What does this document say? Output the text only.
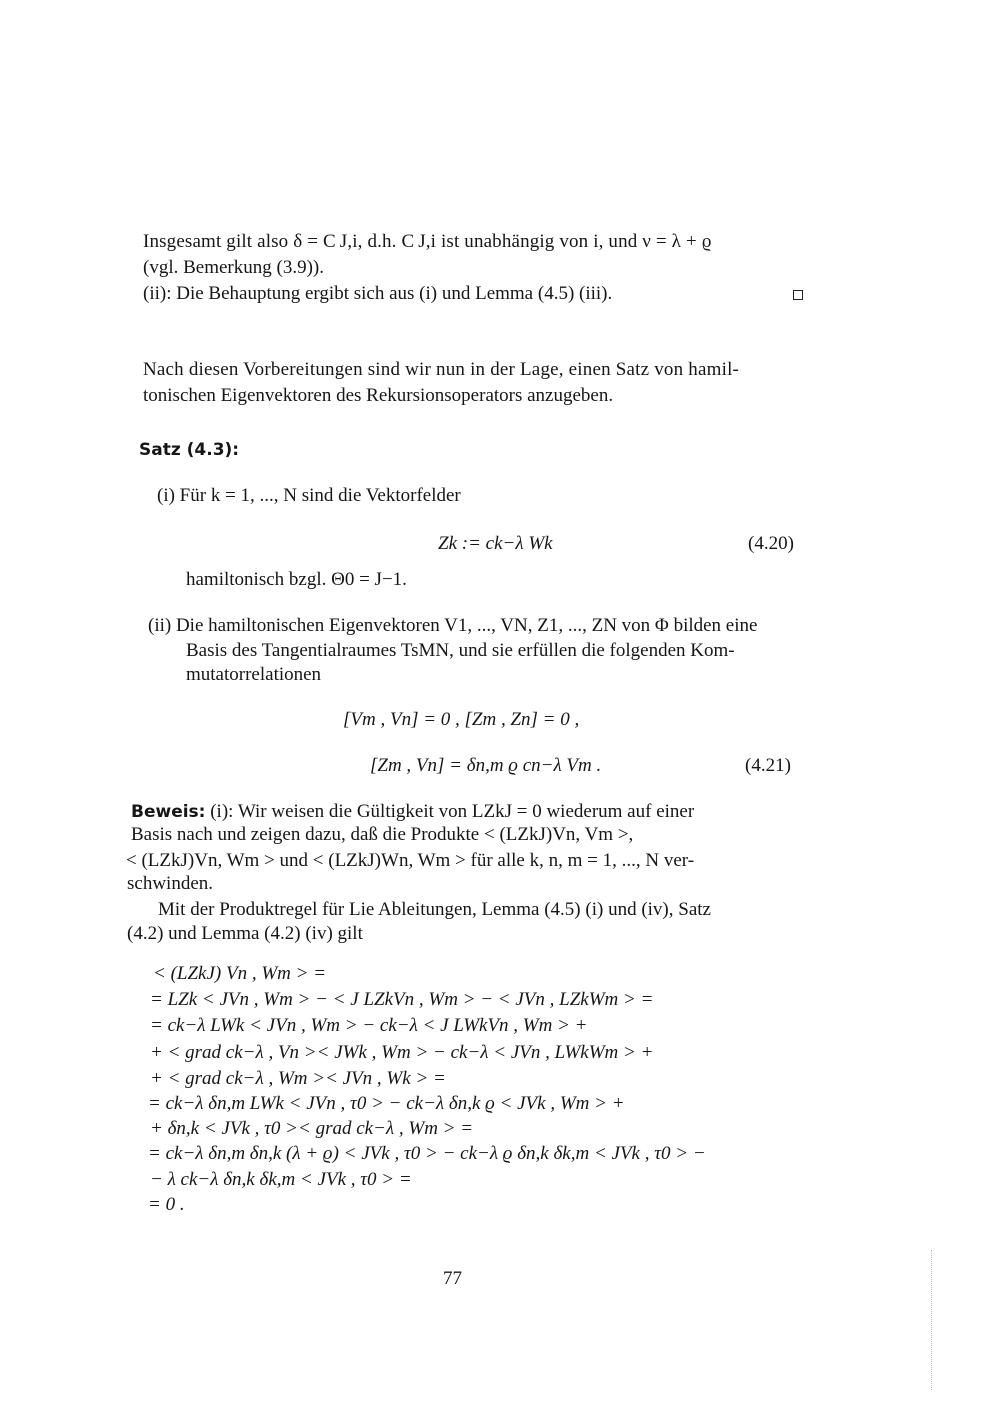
Insgesamt gilt also δ = C J,i, d.h. C J,i ist unabhängig von i, und ν = λ + ϱ
(vgl. Bemerkung (3.9)).
(ii): Die Behauptung ergibt sich aus (i) und Lemma (4.5) (iii).
Nach diesen Vorbereitungen sind wir nun in der Lage, einen Satz von hamil-
tonischen Eigenvektoren des Rekursionsoperators anzugeben.
Satz (4.3):
(i) Für k = 1, ..., N sind die Vektorfelder
Zk := ck−λ Wk	(4.20)
hamiltonisch bzgl. Θ0 = J−1.
(ii) Die hamiltonischen Eigenvektoren V1, ..., VN, Z1, ..., ZN von Φ bilden eine
Basis des Tangentialraumes TsMN, und sie erfüllen die folgenden Kom-
mutatorrelationen
[Vm , Vn] = 0 , [Zm , Zn] = 0 ,
[Zm , Vn] = δn,m ϱ cn−λ Vm .	(4.21)
Beweis: (i): Wir weisen die Gültigkeit von LZkJ = 0 wiederum auf einer
Basis nach und zeigen dazu, daß die Produkte < (LZkJ)Vn, Vm >,
< (LZkJ)Vn, Wm > und < (LZkJ)Wn, Wm > für alle k, n, m = 1, ..., N ver-
schwinden.
Mit der Produktregel für Lie Ableitungen, Lemma (4.5) (i) und (iv), Satz
(4.2) und Lemma (4.2) (iv) gilt
< (LZkJ) Vn , Wm > =
= LZk < JVn , Wm > − < J LZkVn , Wm > − < JVn , LZkWm > =
= ck−λ LWk < JVn , Wm > − ck−λ < J LWkVn , Wm > +
+ < grad ck−λ , Vn >< JWk , Wm > − ck−λ < JVn , LWkWm > +
+ < grad ck−λ , Wm >< JVn , Wk > =
= ck−λ δn,m LWk < JVn , τ0 > − ck−λ δn,k ϱ < JVk , Wm > +
+ δn,k < JVk , τ0 >< grad ck−λ , Wm > =
= ck−λ δn,m δn,k (λ + ϱ) < JVk , τ0 > − ck−λ ϱ δn,k δk,m < JVk , τ0 > −
− λ ck−λ δn,k δk,m < JVk , τ0 > =
= 0 .
77
